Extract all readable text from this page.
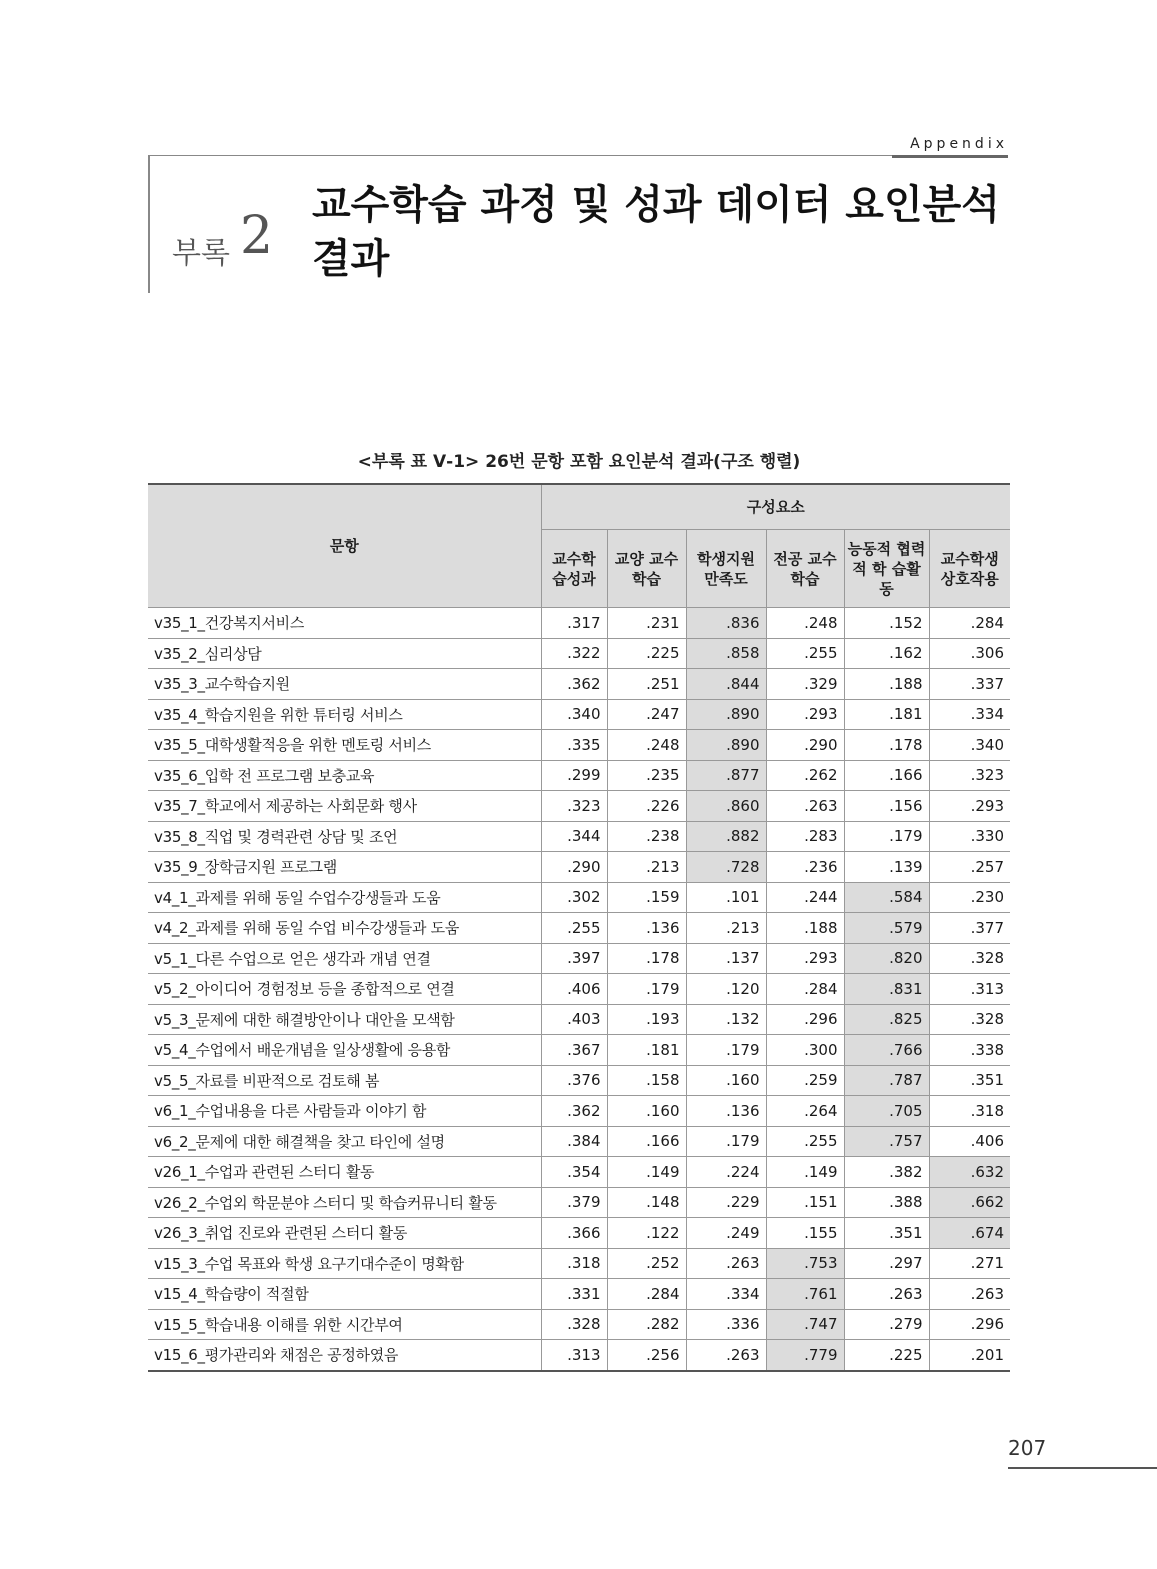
Appendix
부록 2
교수학습 과정 및 성과 데이터 요인분석 결과
<부록 표 Ⅴ-1> 26번 문항 포함 요인분석 결과(구조 행렬)
문항	구성요소					
	교수학 습성과	교양 교수학습	학생지원 만족도	전공 교수학습	능동적 협력적 학 습활동	교수학생 상호작용
v35_1_건강복지서비스	.317	.231	.836	.248	.152	.284
v35_2_심리상담	.322	.225	.858	.255	.162	.306
v35_3_교수학습지원	.362	.251	.844	.329	.188	.337
v35_4_학습지원을 위한 튜터링 서비스	.340	.247	.890	.293	.181	.334
v35_5_대학생활적응을 위한 멘토링 서비스	.335	.248	.890	.290	.178	.340
v35_6_입학 전 프로그램 보충교육	.299	.235	.877	.262	.166	.323
v35_7_학교에서 제공하는 사회문화 행사	.323	.226	.860	.263	.156	.293
v35_8_직업 및 경력관련 상담 및 조언	.344	.238	.882	.283	.179	.330
v35_9_장학금지원 프로그램	.290	.213	.728	.236	.139	.257
v4_1_과제를 위해 동일 수업수강생들과 도움	.302	.159	.101	.244	.584	.230
v4_2_과제를 위해 동일 수업 비수강생들과 도움	.255	.136	.213	.188	.579	.377
v5_1_다른 수업으로 얻은 생각과 개념 연결	.397	.178	.137	.293	.820	.328
v5_2_아이디어 경험정보 등을 종합적으로 연결	.406	.179	.120	.284	.831	.313
v5_3_문제에 대한 해결방안이나 대안을 모색함	.403	.193	.132	.296	.825	.328
v5_4_수업에서 배운개념을 일상생활에 응용함	.367	.181	.179	.300	.766	.338
v5_5_자료를 비판적으로 검토해 봄	.376	.158	.160	.259	.787	.351
v6_1_수업내용을 다른 사람들과 이야기 함	.362	.160	.136	.264	.705	.318
v6_2_문제에 대한 해결책을 찾고 타인에 설명	.384	.166	.179	.255	.757	.406
v26_1_수업과 관련된 스터디 활동	.354	.149	.224	.149	.382	.632
v26_2_수업외 학문분야 스터디 및 학습커뮤니티 활동	.379	.148	.229	.151	.388	.662
v26_3_취업 진로와 관련된 스터디 활동	.366	.122	.249	.155	.351	.674
v15_3_수업 목표와 학생 요구기대수준이 명확함	.318	.252	.263	.753	.297	.271
v15_4_학습량이 적절함	.331	.284	.334	.761	.263	.263
v15_5_학습내용 이해를 위한 시간부여	.328	.282	.336	.747	.279	.296
v15_6_평가관리와 채점은 공정하였음	.313	.256	.263	.779	.225	.201
207
